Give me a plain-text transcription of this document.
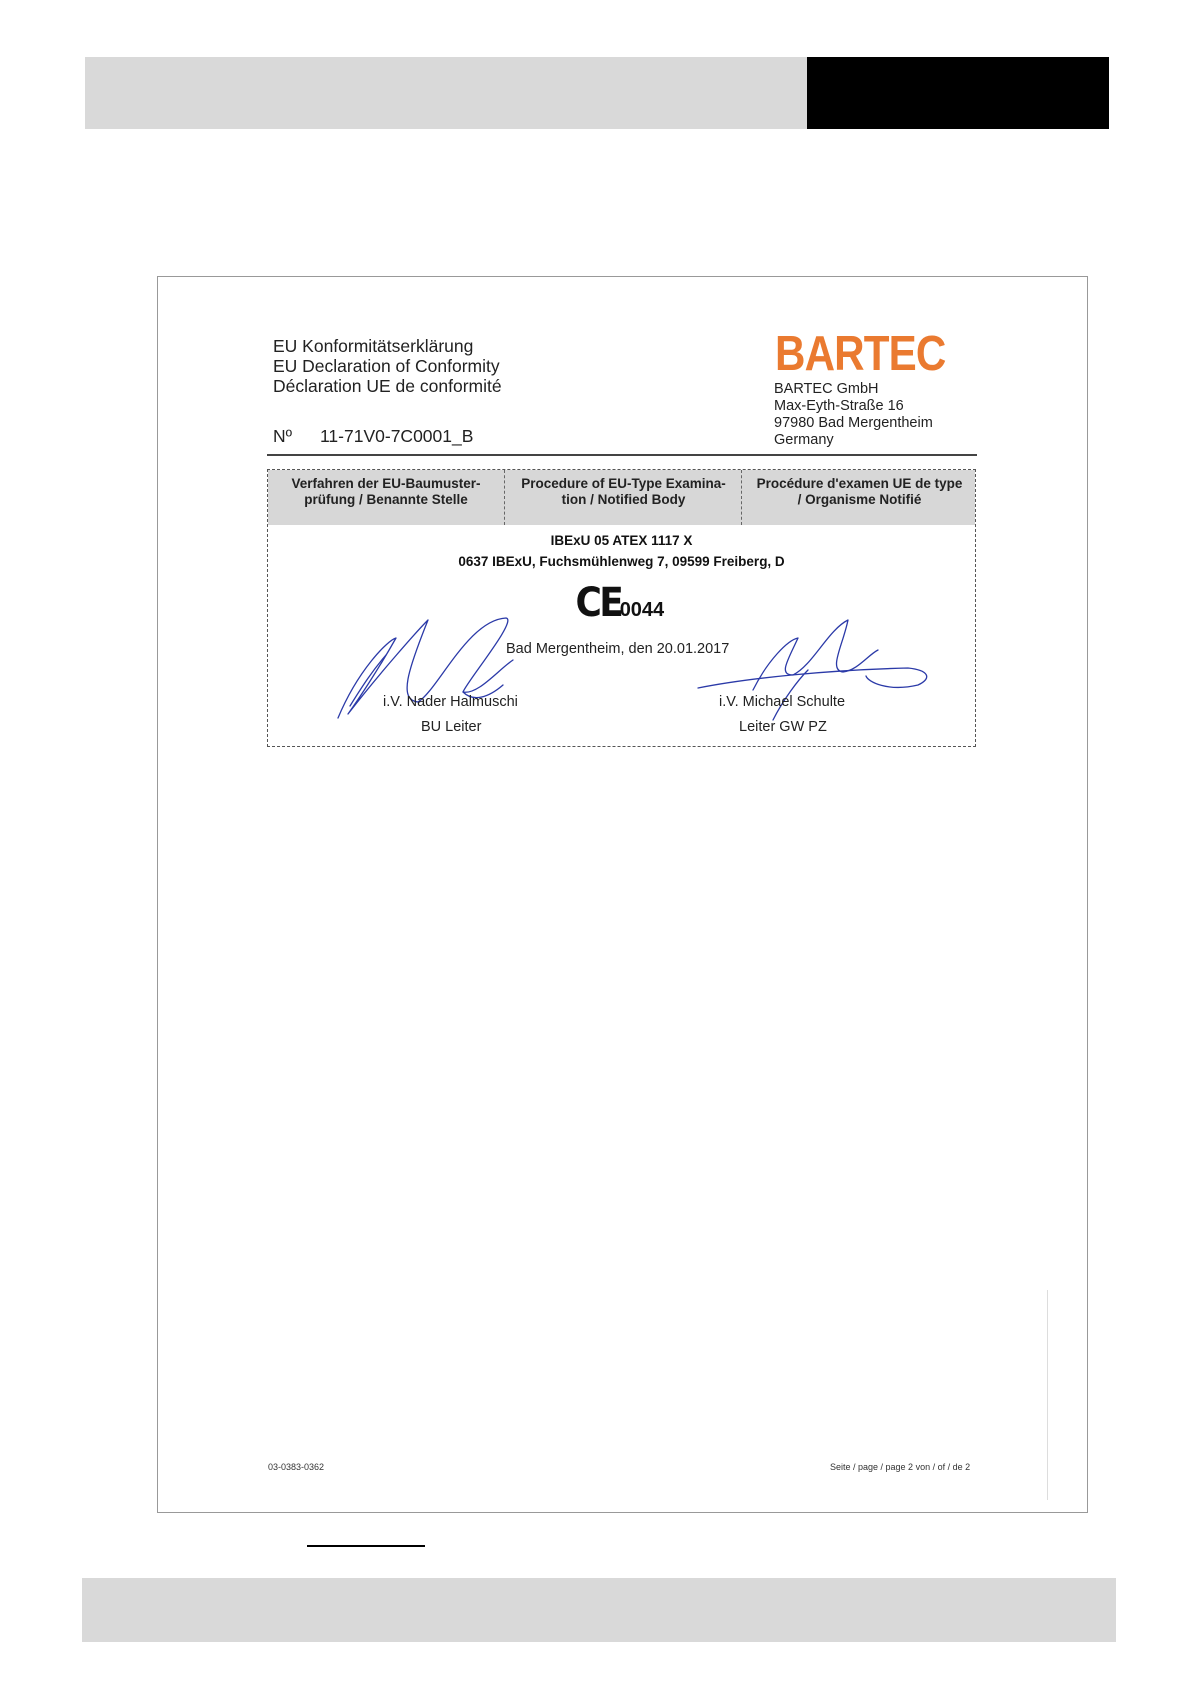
EU Konformitätserklärung
EU Declaration of Conformity
Déclaration UE de conformité
Nº 11-71V0-7C0001_B
BARTEC
BARTEC GmbH
Max-Eyth-Straße 16
97980 Bad Mergentheim
Germany
Verfahren der EU-Baumuster-
prüfung / Benannte Stelle
Procedure of EU-Type Examina-
tion / Notified Body
Procédure d'examen UE de type
/ Organisme Notifié
IBExU 05 ATEX 1117 X
0637 IBExU, Fuchsmühlenweg 7, 09599 Freiberg, D
CE0044
Bad Mergentheim, den 20.01.2017
i.V. Nader Halmuschi
BU Leiter
i.V. Michael Schulte
Leiter GW PZ
03-0383-0362	Seite / page / page 2 von / of / de 2
